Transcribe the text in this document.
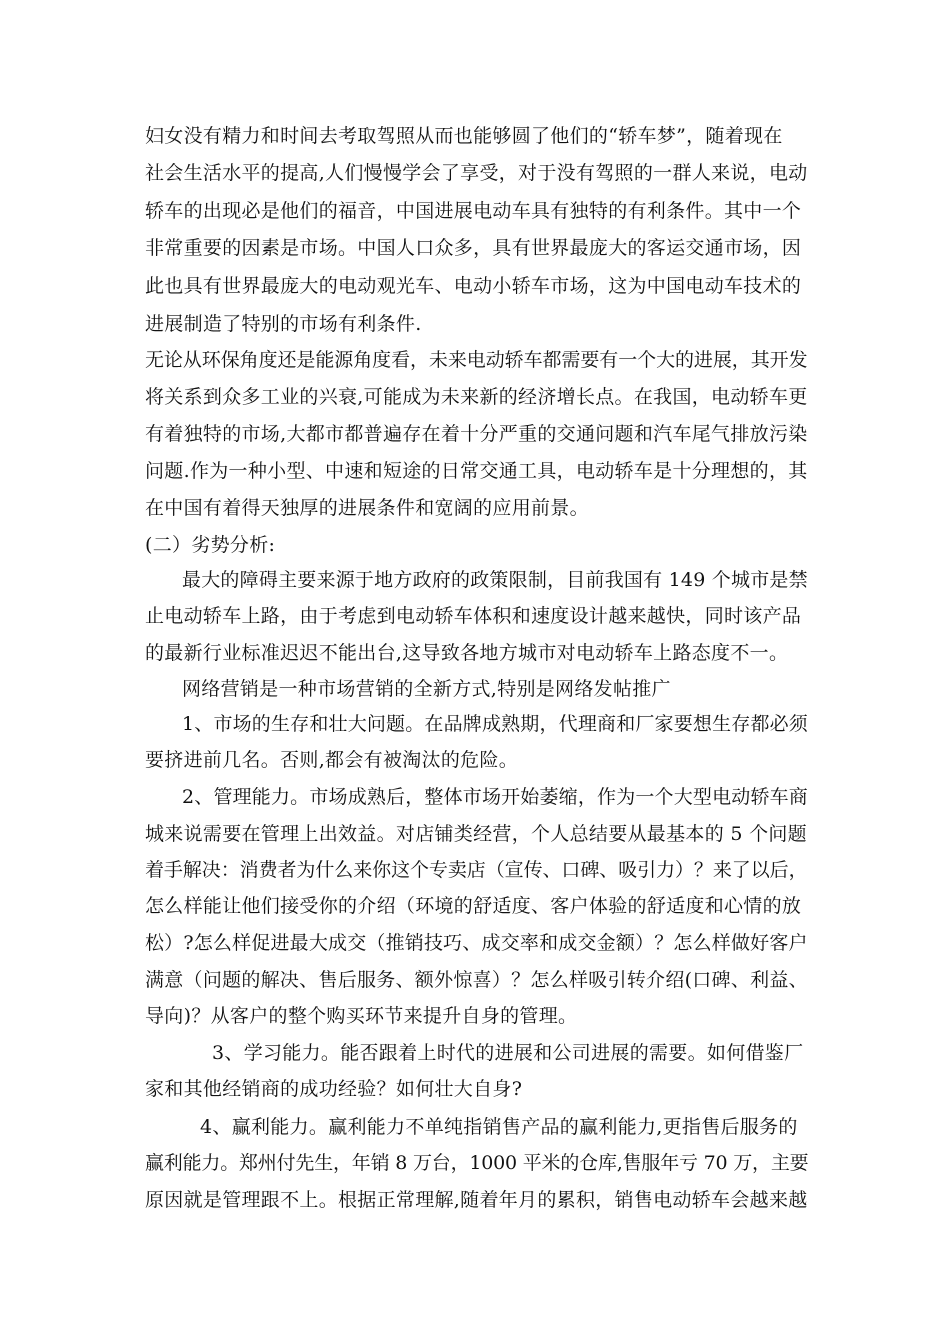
妇女没有精力和时间去考取驾照从而也能够圆了他们的“轿车梦”，随着现在
社会生活水平的提高,人们慢慢学会了享受，对于没有驾照的一群人来说，电动
轿车的出现必是他们的福音，中国进展电动车具有独特的有利条件。其中一个
非常重要的因素是市场。中国人口众多，具有世界最庞大的客运交通市场，因
此也具有世界最庞大的电动观光车、电动小轿车市场，这为中国电动车技术的
进展制造了特别的市场有利条件.
无论从环保角度还是能源角度看，未来电动轿车都需要有一个大的进展，其开发
将关系到众多工业的兴衰,可能成为未来新的经济增长点。在我国，电动轿车更
有着独特的市场,大都市都普遍存在着十分严重的交通问题和汽车尾气排放污染
问题.作为一种小型、中速和短途的日常交通工具，电动轿车是十分理想的，其
在中国有着得天独厚的进展条件和宽阔的应用前景。
(二）劣势分析:
最大的障碍主要来源于地方政府的政策限制，目前我国有 149 个城市是禁
止电动轿车上路，由于考虑到电动轿车体积和速度设计越来越快，同时该产品
的最新行业标准迟迟不能出台,这导致各地方城市对电动轿车上路态度不一。
网络营销是一种市场营销的全新方式,特别是网络发帖推广
1、市场的生存和壮大问题。在品牌成熟期，代理商和厂家要想生存都必须
要挤进前几名。否则,都会有被淘汰的危险。
2、管理能力。市场成熟后，整体市场开始萎缩，作为一个大型电动轿车商
城来说需要在管理上出效益。对店铺类经营，个人总结要从最基本的 5 个问题
着手解决：消费者为什么来你这个专卖店（宣传、口碑、吸引力）？来了以后，
怎么样能让他们接受你的介绍（环境的舒适度、客户体验的舒适度和心情的放
松）?怎么样促进最大成交（推销技巧、成交率和成交金额）？怎么样做好客户
满意（问题的解决、售后服务、额外惊喜）？怎么样吸引转介绍(口碑、利益、
导向)？从客户的整个购买环节来提升自身的管理。
3、学习能力。能否跟着上时代的进展和公司进展的需要。如何借鉴厂
家和其他经销商的成功经验？如何壮大自身?
4、赢利能力。赢利能力不单纯指销售产品的赢利能力,更指售后服务的
赢利能力。郑州付先生，年销 8 万台，1000 平米的仓库,售服年亏 70 万，主要
原因就是管理跟不上。根据正常理解,随着年月的累积，销售电动轿车会越来越
